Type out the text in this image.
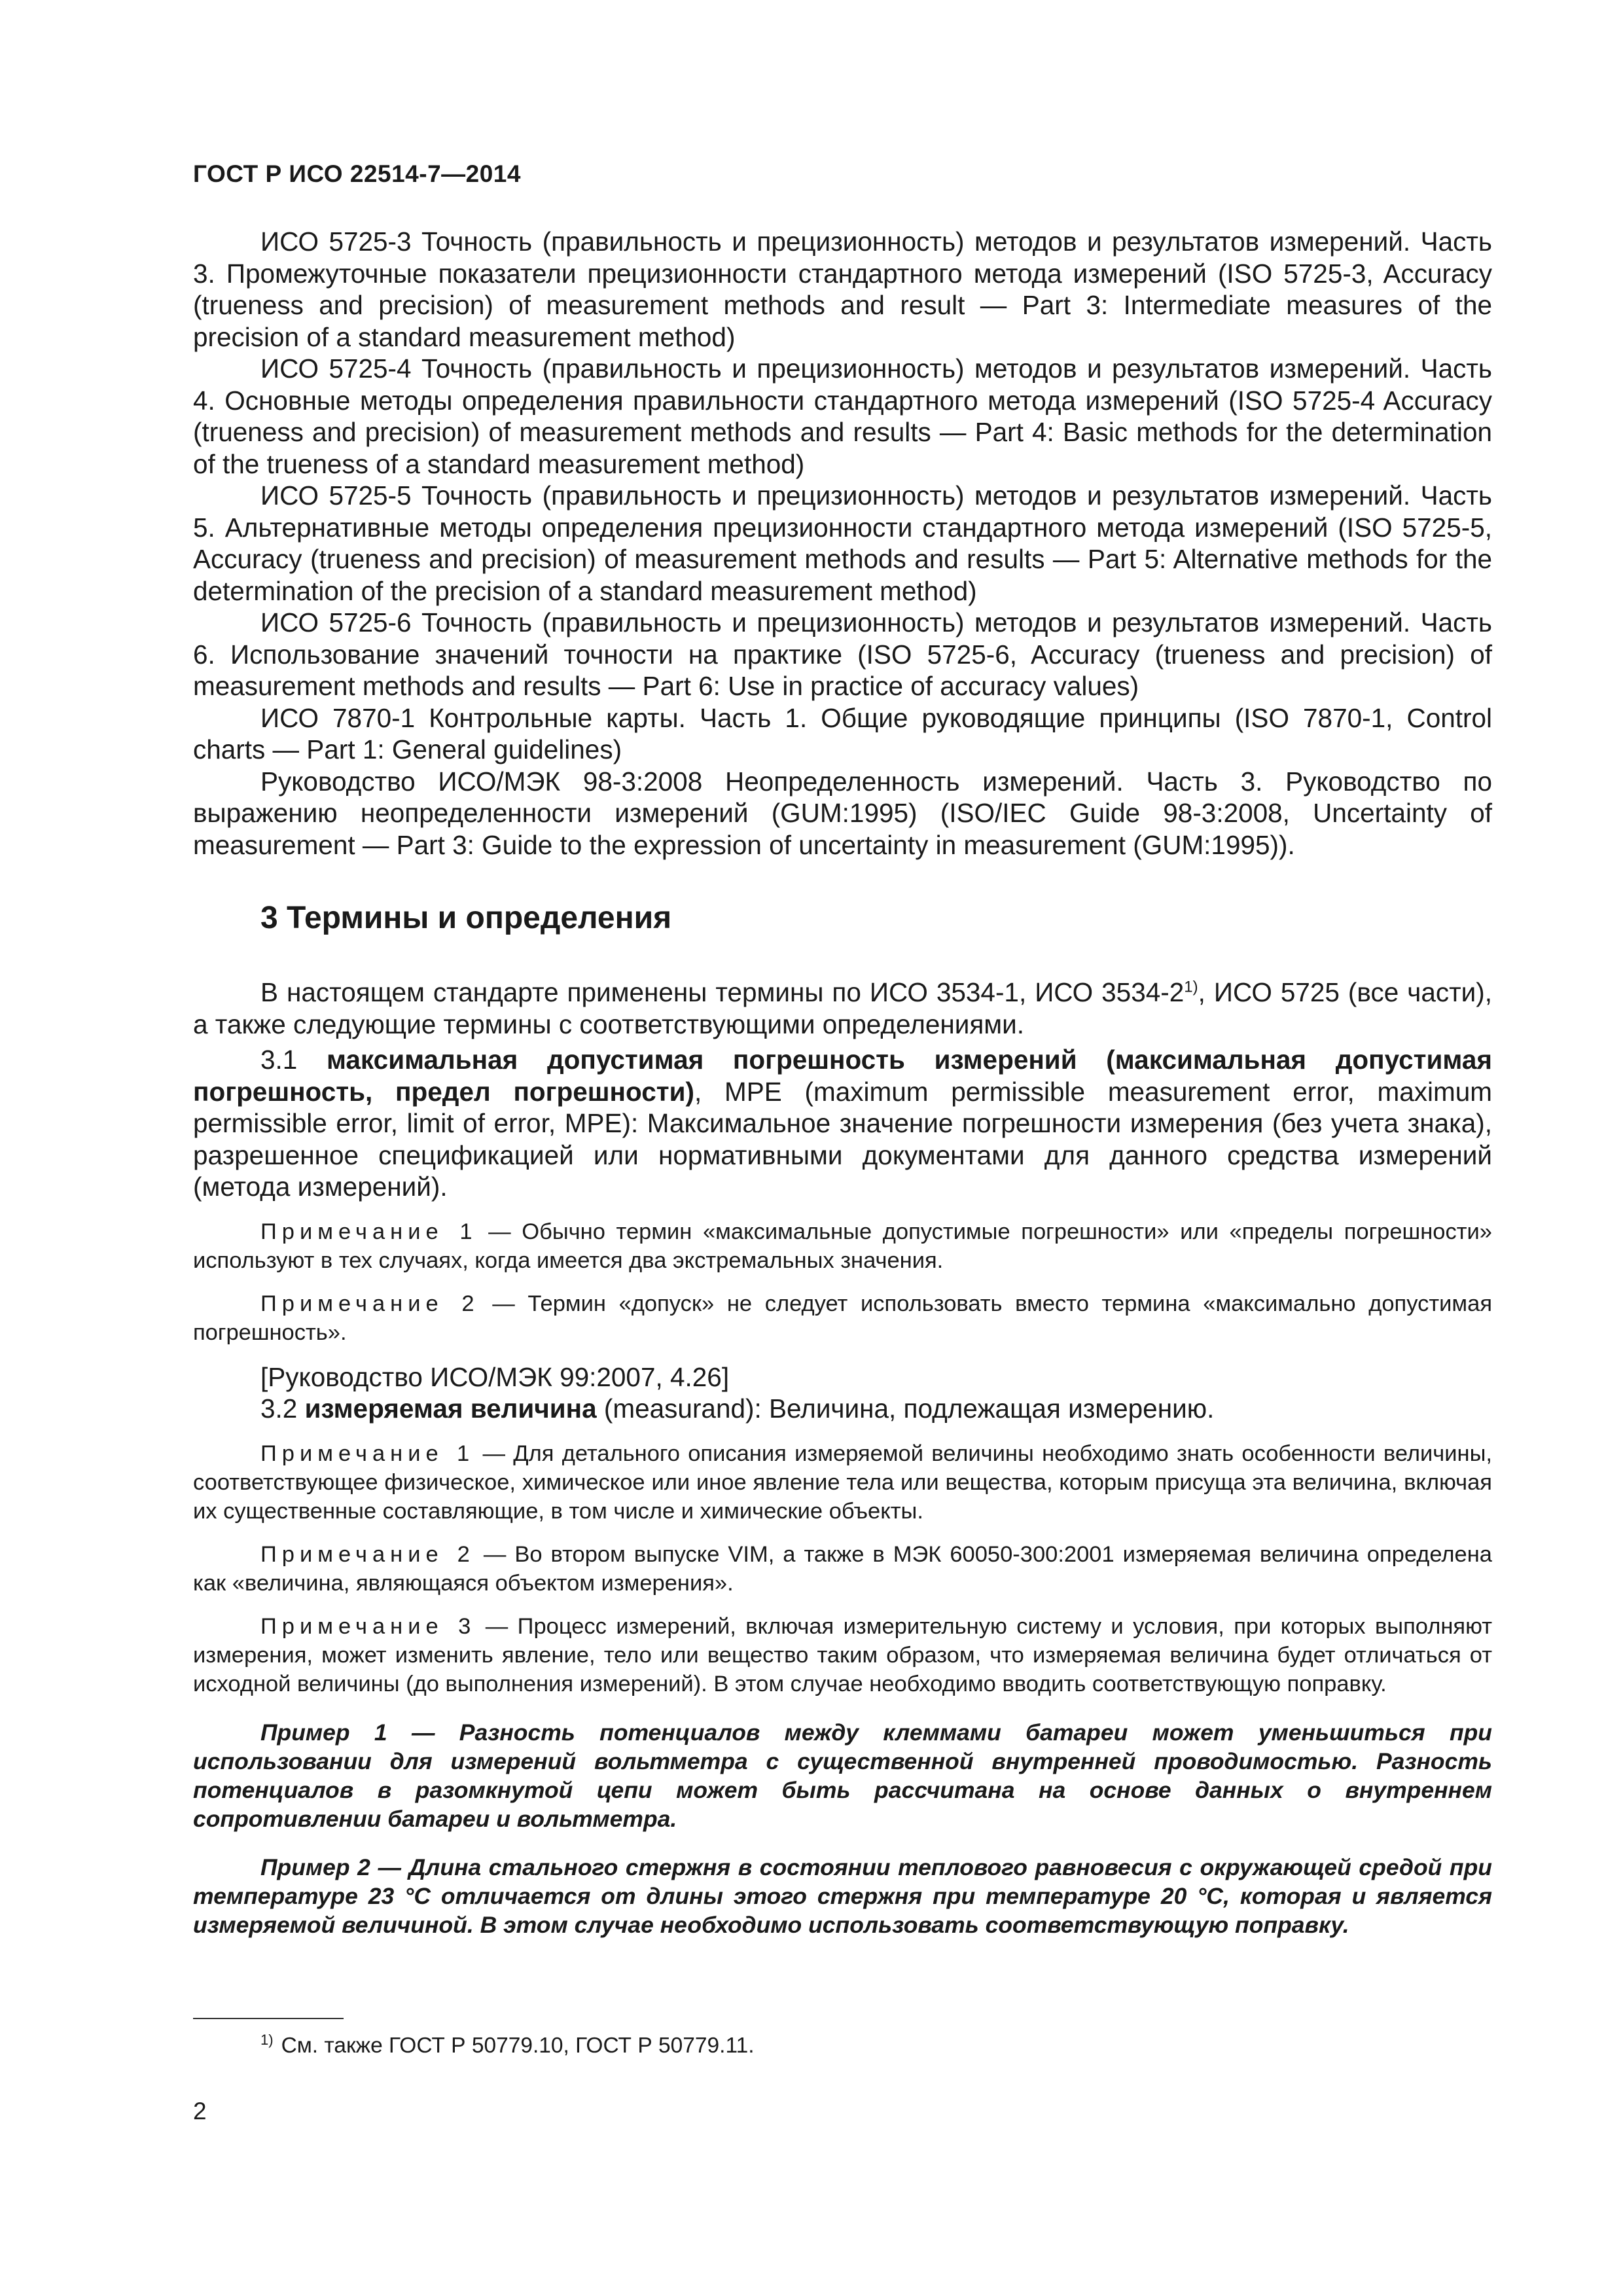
ГОСТ Р ИСО 22514-7—2014

ИСО 5725-3 Точность (правильность и прецизионность) методов и результатов измерений. Часть 3. Промежуточные показатели прецизионности стандартного метода измерений (ISO 5725-3, Accuracy (trueness and precision) of measurement methods and result — Part 3: Intermediate measures of the precision of a standard measurement method)

ИСО 5725-4 Точность (правильность и прецизионность) методов и результатов измерений. Часть 4. Основные методы определения правильности стандартного метода измерений (ISO 5725-4 Accuracy (trueness and precision) of measurement methods and results — Part 4: Basic methods for the determination of the trueness of a standard measurement method)

ИСО 5725-5 Точность (правильность и прецизионность) методов и результатов измерений. Часть 5. Альтернативные методы определения прецизионности стандартного метода измерений (ISO 5725-5, Accuracy (trueness and precision) of measurement methods and results — Part 5: Alternative methods for the determination of the precision of a standard measurement method)

ИСО 5725-6 Точность (правильность и прецизионность) методов и результатов измерений. Часть 6. Использование значений точности на практике (ISO 5725-6, Accuracy (trueness and precision) of measurement methods and results — Part 6: Use in practice of accuracy values)

ИСО 7870-1 Контрольные карты. Часть 1. Общие руководящие принципы (ISO 7870-1, Control charts — Part 1: General guidelines)

Руководство ИСО/МЭК 98-3:2008 Неопределенность измерений. Часть 3. Руководство по выражению неопределенности измерений (GUM:1995) (ISO/IEC Guide 98-3:2008, Uncertainty of measurement — Part 3: Guide to the expression of uncertainty in measurement (GUM:1995)).

3 Термины и определения

В настоящем стандарте применены термины по ИСО 3534-1, ИСО 3534-2$^{1)}$, ИСО 5725 (все части), а также следующие термины с соответствующими определениями.

3.1 максимальная допустимая погрешность измерений (максимальная допустимая погрешность, предел погрешности), MPE (maximum permissible measurement error, maximum permissible error, limit of error, MPE): Максимальное значение погрешности измерения (без учета знака), разрешенное спецификацией или нормативными документами для данного средства измерений (метода измерений).

Примечание 1 — Обычно термин «максимальные допустимые погрешности» или «пределы погрешности» используют в тех случаях, когда имеется два экстремальных значения.

Примечание 2 — Термин «допуск» не следует использовать вместо термина «максимально допустимая погрешность».

[Руководство ИСО/МЭК 99:2007, 4.26]

3.2 измеряемая величина (measurand): Величина, подлежащая измерению.

Примечание 1 — Для детального описания измеряемой величины необходимо знать особенности величины, соответствующее физическое, химическое или иное явление тела или вещества, которым присуща эта величина, включая их существенные составляющие, в том числе и химические объекты.

Примечание 2 — Во втором выпуске VIM, а также в МЭК 60050-300:2001 измеряемая величина определена как «величина, являющаяся объектом измерения».

Примечание 3 — Процесс измерений, включая измерительную систему и условия, при которых выполняют измерения, может изменить явление, тело или вещество таким образом, что измеряемая величина будет отличаться от исходной величины (до выполнения измерений). В этом случае необходимо вводить соответствующую поправку.

Пример 1 — Разность потенциалов между клеммами батареи может уменьшиться при использовании для измерений вольтметра с существенной внутренней проводимостью. Разность потенциалов в разомкнутой цепи может быть рассчитана на основе данных о внутреннем сопротивлении батареи и вольтметра.

Пример 2 — Длина стального стержня в состоянии теплового равновесия с окружающей средой при температуре 23 °С отличается от длины этого стержня при температуре 20 °С, которая и является измеряемой величиной. В этом случае необходимо использовать соответствующую поправку.

$^{1)}$ См. также ГОСТ Р 50779.10, ГОСТ Р 50779.11.
2
